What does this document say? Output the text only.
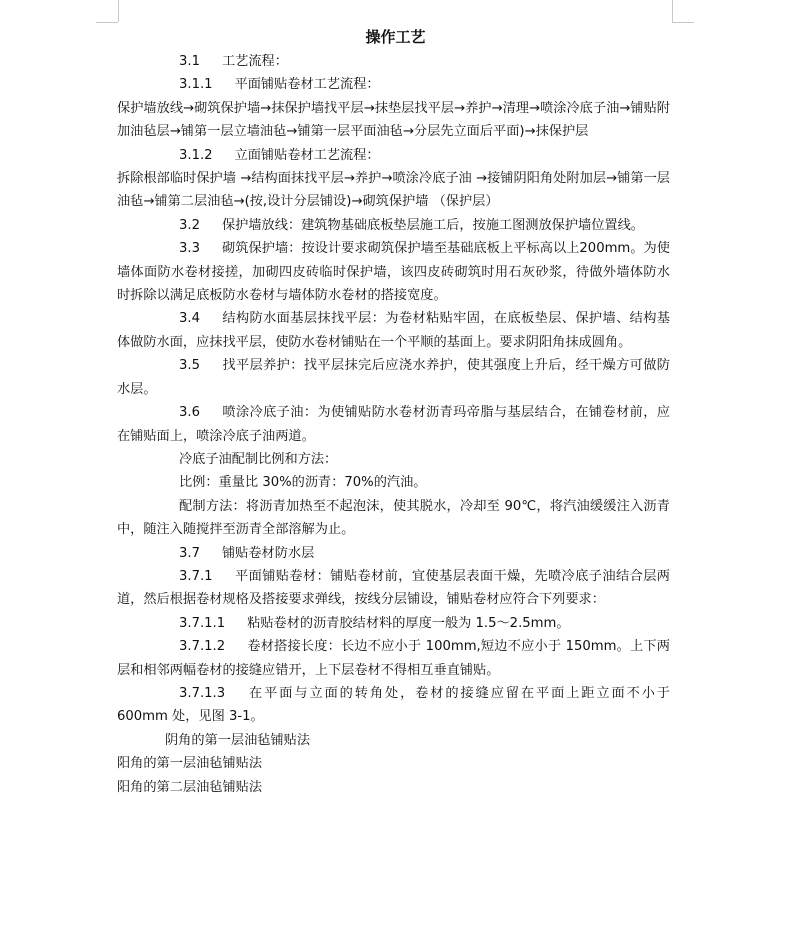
操作工艺

3.1 工艺流程：

3.1.1 平面铺贴卷材工艺流程：

保护墙放线→砌筑保护墙→抹保护墙找平层→抹垫层找平层→养护→清理→喷涂冷底子油→铺贴附加油毡层→铺第一层立墙油毡→铺第一层平面油毡→分层先立面后平面)→抹保护层

3.1.2 立面铺贴卷材工艺流程：

拆除根部临时保护墙 →结构面抹找平层→养护→喷涂冷底子油 →接铺阴阳角处附加层→铺第一层油毡→铺第二层油毡→(按,设计分层铺设)→砌筑保护墙 （保护层）

3.2 保护墙放线：建筑物基础底板垫层施工后，按施工图测放保护墙位置线。

3.3 砌筑保护墙：按设计要求砌筑保护墙至基础底板上平标高以上200mm。为使墙体面防水卷材接搓，加砌四皮砖临时保护墙，该四皮砖砌筑时用石灰砂浆，待做外墙体防水时拆除以满足底板防水卷材与墙体防水卷材的搭接宽度。

3.4 结构防水面基层抹找平层：为卷材粘贴牢固，在底板垫层、保护墙、结构基体做防水面，应抹找平层，使防水卷材铺贴在一个平顺的基面上。要求阴阳角抹成圆角。

3.5 找平层养护：找平层抹完后应浇水养护，使其强度上升后，经干燥方可做防水层。

3.6 喷涂冷底子油：为使铺贴防水卷材沥青玛帝脂与基层结合，在铺卷材前，应在铺贴面上，喷涂冷底子油两道。

冷底子油配制比例和方法：

比例：重量比 30%的沥青：70%的汽油。

配制方法：将沥青加热至不起泡沫，使其脱水，冷却至 90℃，将汽油缓缓注入沥青中，随注入随搅拌至沥青全部溶解为止。

3.7 铺贴卷材防水层

3.7.1 平面铺贴卷材：铺贴卷材前，宜使基层表面干燥，先喷冷底子油结合层两道，然后根据卷材规格及搭接要求弹线，按线分层铺设，铺贴卷材应符合下列要求：

3.7.1.1 粘贴卷材的沥青胶结材料的厚度一般为 1.5～2.5mm。

3.7.1.2 卷材搭接长度：长边不应小于 100mm,短边不应小于 150mm。上下两层和相邻两幅卷材的接缝应错开，上下层卷材不得相互垂直铺贴。

3.7.1.3 在平面与立面的转角处，卷材的接缝应留在平面上距立面不小于 600mm 处，见图 3-1。

阴角的第一层油毡铺贴法

阳角的第一层油毡铺贴法

阳角的第二层油毡铺贴法
